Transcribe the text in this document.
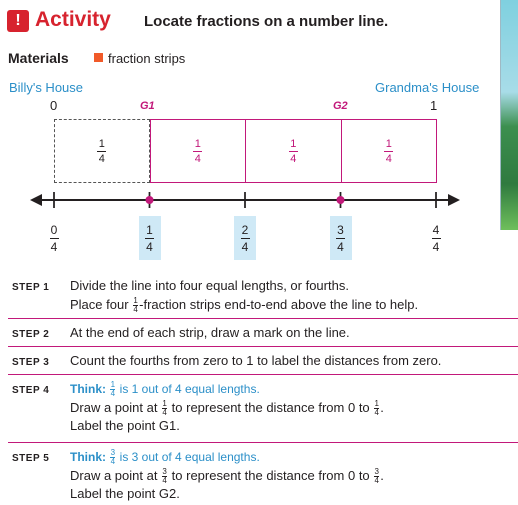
! Activity Locate fractions on a number line.
Materials	fraction strips
Billy's House	Grandma's House
0	1
G1	G2
$\frac{1}{4}$	$\frac{1}{4}$	$\frac{1}{4}$	$\frac{1}{4}$
$\frac{0}{4}$	$\frac{1}{4}$	$\frac{2}{4}$	$\frac{3}{4}$	$\frac{4}{4}$
STEP 1 Divide the line into four equal lengths, or fourths.
Place four $\frac{1}{4}$ -fraction strips end-to-end above the line to help.
STEP 2 At the end of each strip, draw a mark on the line.
STEP 3 Count the fourths from zero to 1 to label the distances from zero.
STEP 4 Think: $\frac{1}{4}$ is 1 out of 4 equal lengths.
Draw a point at $\frac{1}{4}$ to represent the distance from 0 to $\frac{1}{4}$ .
Label the point G1.
STEP 5 Think: $\frac{3}{4}$ is 3 out of 4 equal lengths.
Draw a point at $\frac{3}{4}$ to represent the distance from 0 to $\frac{3}{4}$ .
Label the point G2.
